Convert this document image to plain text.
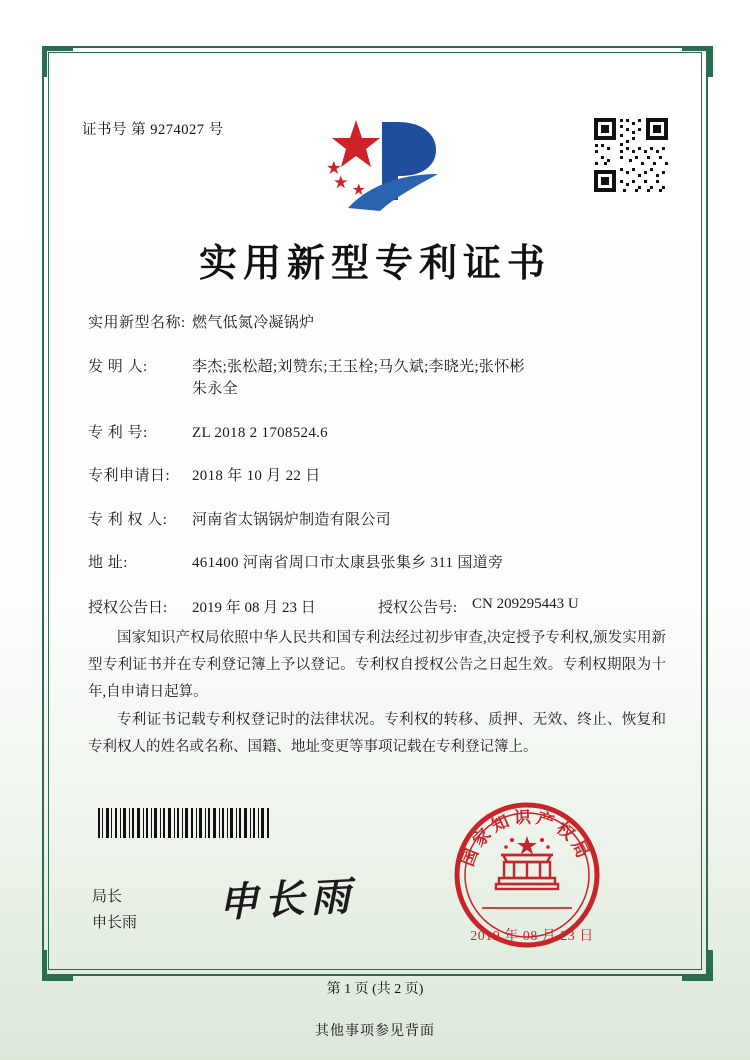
证书号 第 9274027 号
实用新型专利证书
实用新型名称: 燃气低氮冷凝锅炉
发 明 人:	李杰;张松超;刘赞东;王玉栓;马久斌;李晓光;张怀彬
朱永全
专 利 号:	ZL 2018 2 1708524.6
专利申请日:	2018 年 10 月 22 日
专 利 权 人:	河南省太锅锅炉制造有限公司
地 址:	461400 河南省周口市太康县张集乡 311 国道旁
授权公告日:	2019 年 08 月 23 日	授权公告号: CN 209295443 U

国家知识产权局依照中华人民共和国专利法经过初步审查,决定授予专利权,颁发实用新型专利证书并在专利登记簿上予以登记。专利权自授权公告之日起生效。专利权期限为十年,自申请日起算。

专利证书记载专利权登记时的法律状况。专利权的转移、质押、无效、终止、恢复和专利权人的姓名或名称、国籍、地址变更等事项记载在专利登记簿上。

局长
申长雨 申长雨
国家知识产权局
2019 年 08 月 23 日
第 1 页 (共 2 页)
其他事项参见背面
